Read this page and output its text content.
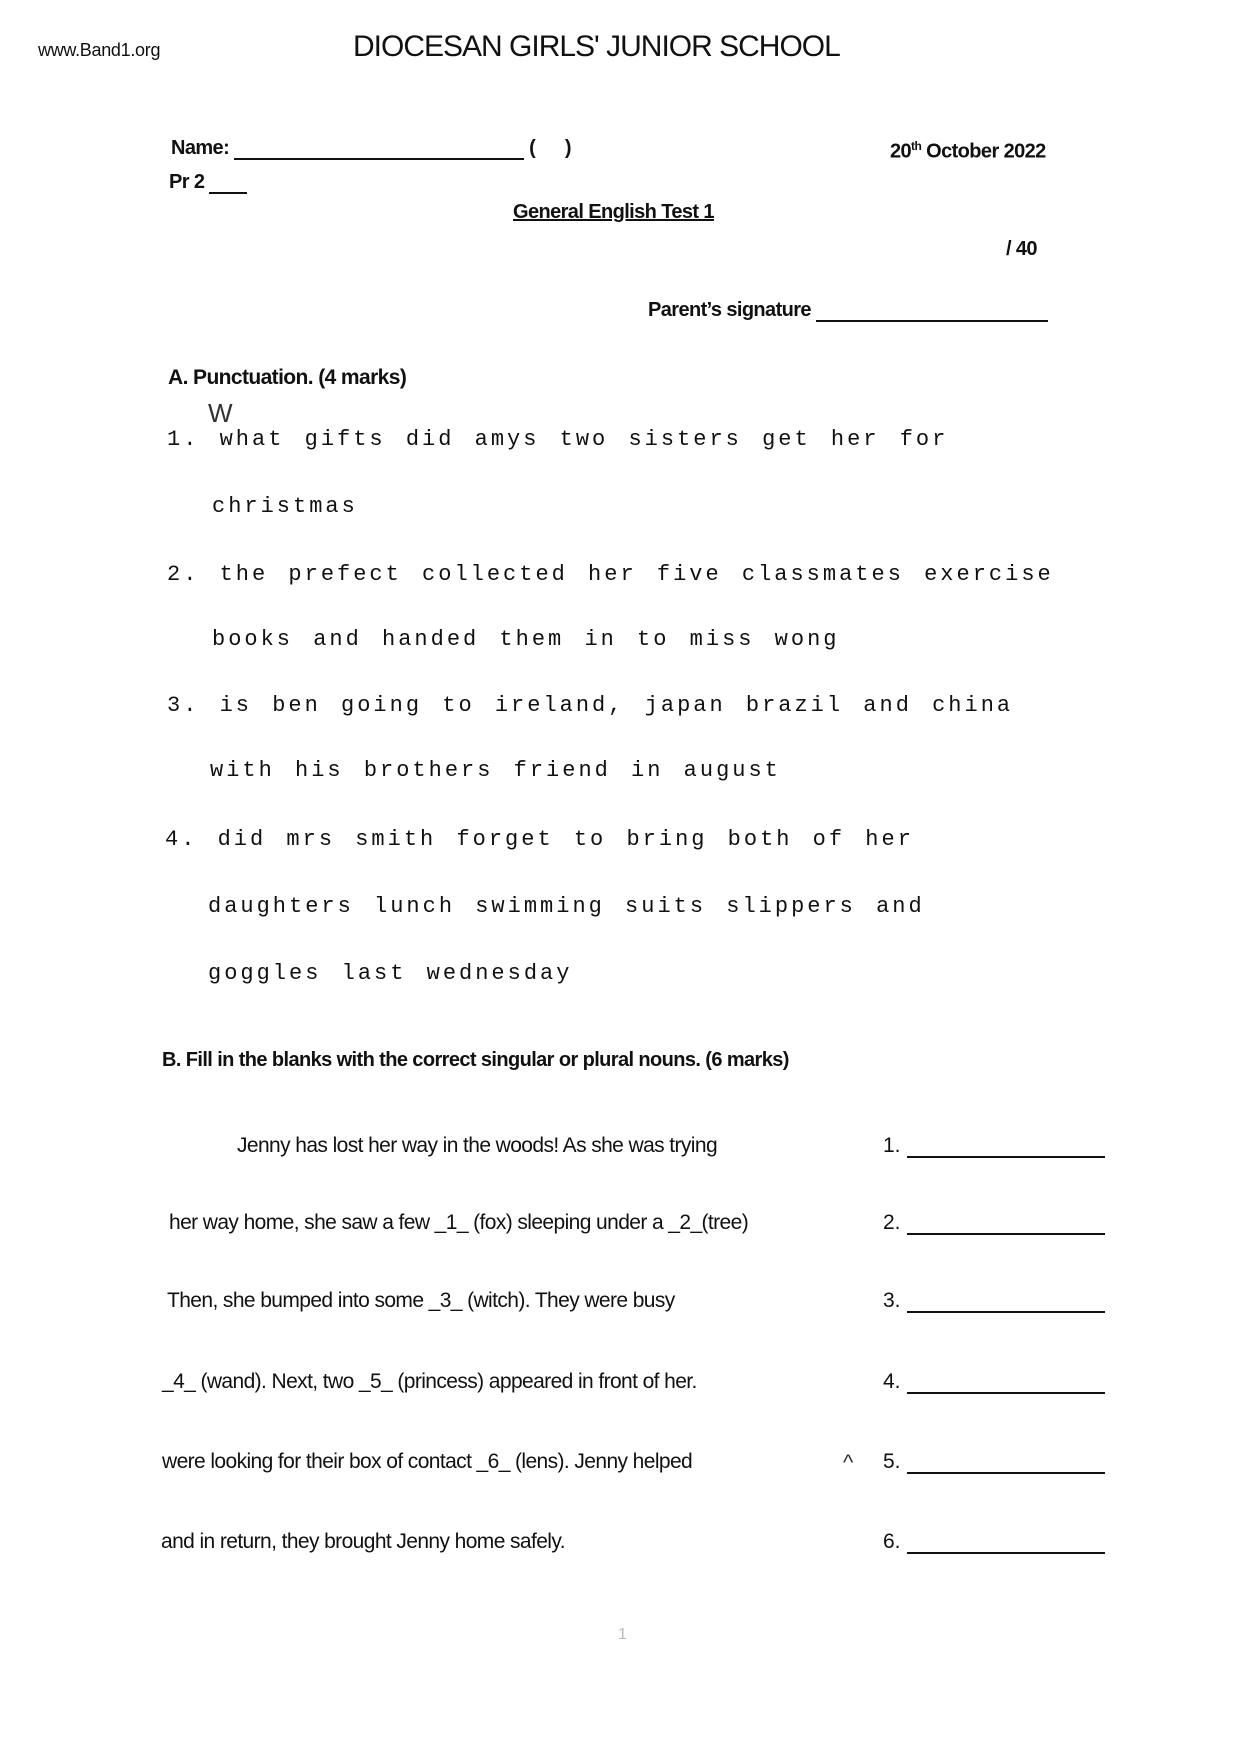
www.Band1.org	DIOCESAN GIRLS' JUNIOR SCHOOL
Name:	(      )	20th October 2022
Pr 2
General English Test 1
/ 40
Parent’s signature
A. Punctuation. (4 marks)
W
1. what gifts did amys two sisters get her for
christmas
2. the prefect collected her five classmates exercise
books and handed them in to miss wong
3. is ben going to ireland, japan brazil and china
with his brothers friend in august
4. did mrs smith forget to bring both of her
daughters lunch swimming suits slippers and
goggles last wednesday
B. Fill in the blanks with the correct singular or plural nouns. (6 marks)
Jenny has lost her way in the woods! As she was trying
her way home, she saw a few _1_ (fox) sleeping under a _2_(tree)
Then, she bumped into some _3_ (witch). They were busy
_4_ (wand). Next, two _5_ (princess) appeared in front of her.
were looking for their box of contact _6_ (lens). Jenny helped	^
and in return, they brought Jenny home safely.
1.
2.
3.
4.
5.
6.
1
